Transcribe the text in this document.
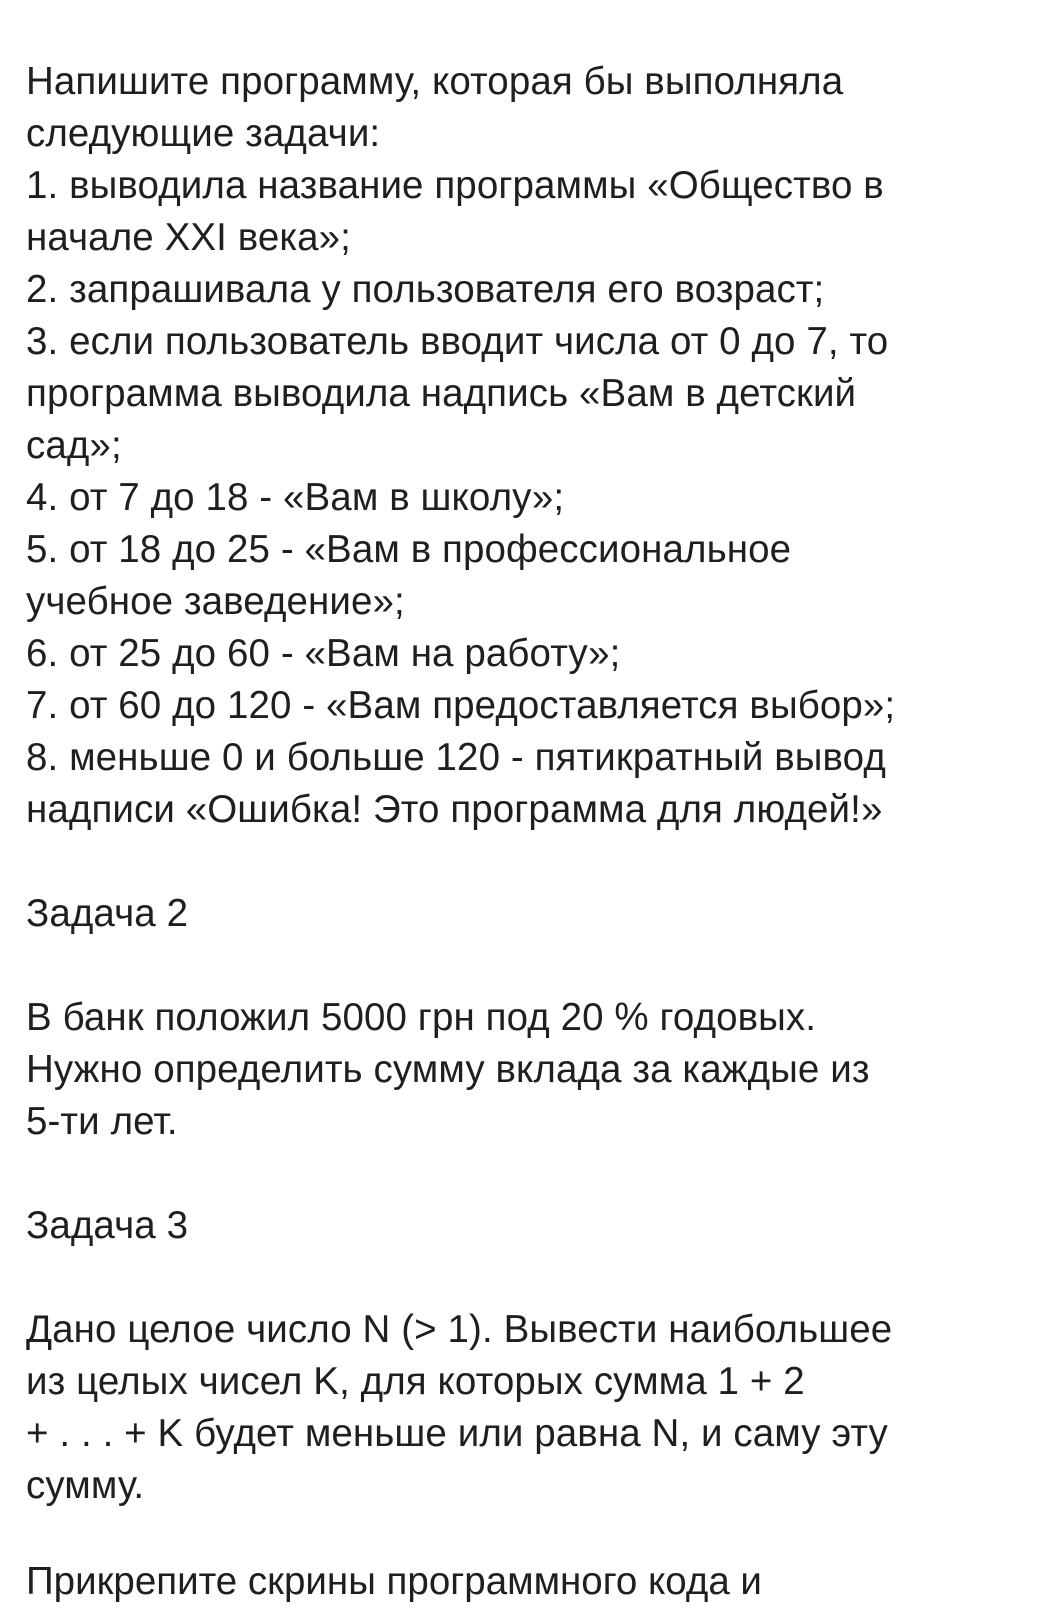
Напишите программу, которая бы выполняла
следующие задачи:
1. выводила название программы «Общество в
начале XXI века»;
2. запрашивала у пользователя его возраст;
3. если пользователь вводит числа от 0 до 7, то
программа выводила надпись «Вам в детский
сад»;
4. от 7 до 18 - «Вам в школу»;
5. от 18 до 25 - «Вам в профессиональное
учебное заведение»;
6. от 25 до 60 - «Вам на работу»;
7. от 60 до 120 - «Вам предоставляется выбор»;
8. меньше 0 и больше 120 - пятикратный вывод
надписи «Ошибка! Это программа для людей!»
Задача 2
В банк положил 5000 грн под 20 % годовых.
Нужно определить сумму вклада за каждые из
5-ти лет.
Задача 3
Дано целое число N (> 1). Вывести наибольшее
из целых чисел K, для которых сумма 1 + 2
+ . . . + K будет меньше или равна N, и саму эту
сумму.
Прикрепите скрины программного кода и
